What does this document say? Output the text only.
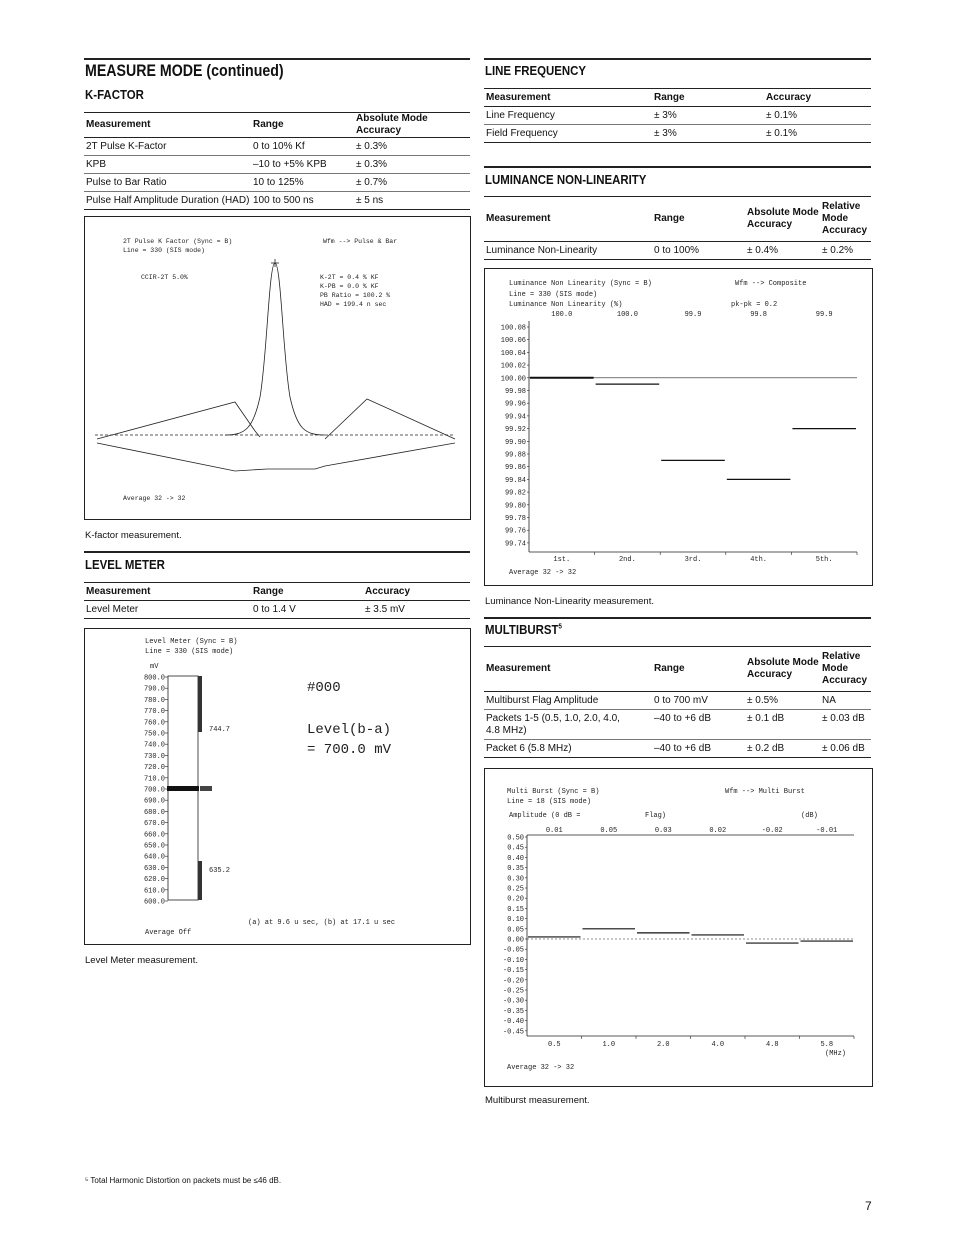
MEASURE MODE (continued)
K-FACTOR
Measurement	Range	Absolute Mode Accuracy
2T Pulse K-Factor	0 to 10% Kf	± 0.3%
KPB	–10 to +5% KPB	± 0.3%
Pulse to Bar Ratio	10 to 125%	± 0.7%
Pulse Half Amplitude Duration (HAD)	100 to 500 ns	± 5 ns
2T Pulse K Factor (Sync = B)
Line = 330 (SIS mode)
Wfm --> Pulse & Bar
CCIR-2T 5.0%	K-2T = 0.4 % KF
K-PB = 0.0 % KF
PB Ratio = 100.2 %
HAD = 199.4 n sec
Average 32 -> 32
K-factor measurement.
LEVEL METER
Measurement	Range	Accuracy
Level Meter	0 to 1.4 V	± 3.5 mV
Level Meter (Sync = B)
Line = 330 (SIS mode)
mV
800.0
790.0
780.0
770.0
760.0
750.0
740.0
730.0
720.0
710.0
700.0
690.0
680.0
670.0
660.0
650.0
640.0
630.0
620.0
610.0
600.0
744.7
635.2
#000
Level(b-a)
= 700.0 mV
(a) at 9.6 u sec, (b) at 17.1 u sec
Average Off
Level Meter measurement.
LINE FREQUENCY
Measurement	Range	Accuracy
Line Frequency	± 3%	± 0.1%
Field Frequency	± 3%	± 0.1%
LUMINANCE NON-LINEARITY
Measurement	Range	Absolute Mode Accuracy	Relative Mode Accuracy
Luminance Non-Linearity	0 to 100%	± 0.4%	± 0.2%
Luminance Non Linearity (Sync = B)
Line = 330 (SIS mode)
Luminance Non Linearity (%)
Wfm --> Composite
pk-pk = 0.2
Average 32 -> 32
100.08
100.06
100.04
100.02
100.00
99.98
99.96
99.94
99.92
99.90
99.88
99.86
99.84
99.82
99.80
99.78
99.76
99.74
1st.
100.0
2nd.
100.0
3rd.
99.9
4th.
99.8
5th.
99.9
Luminance Non-Linearity measurement.
MULTIBURST$^5$
Measurement	Range	Absolute Mode Accuracy	Relative Mode Accuracy
Multiburst Flag Amplitude	0 to 700 mV	± 0.5%	NA
Packets 1-5 (0.5, 1.0, 2.0, 4.0, 4.8 MHz)	–40 to +6 dB	± 0.1 dB	± 0.03 dB
Packet 6 (5.8 MHz)	–40 to +6 dB	± 0.2 dB	± 0.06 dB
Multi Burst (Sync = B)
Line = 18 (SIS mode)
Wfm --> Multi Burst
Amplitude (0 dB =	Flag)	(dB)
(MHz)
Average 32 -> 32
0.50
0.45
0.40
0.35
0.30
0.25
0.20
0.15
0.10
0.05
0.00
-0.05
-0.10
-0.15
-0.20
-0.25
-0.30
-0.35
-0.40
-0.45
0.5
0.01
1.0
0.05
2.0
0.03
4.0
0.02
4.8
-0.02
5.8
-0.01
Multiburst measurement.
⁵ Total Harmonic Distortion on packets must be ≤46 dB.
7
